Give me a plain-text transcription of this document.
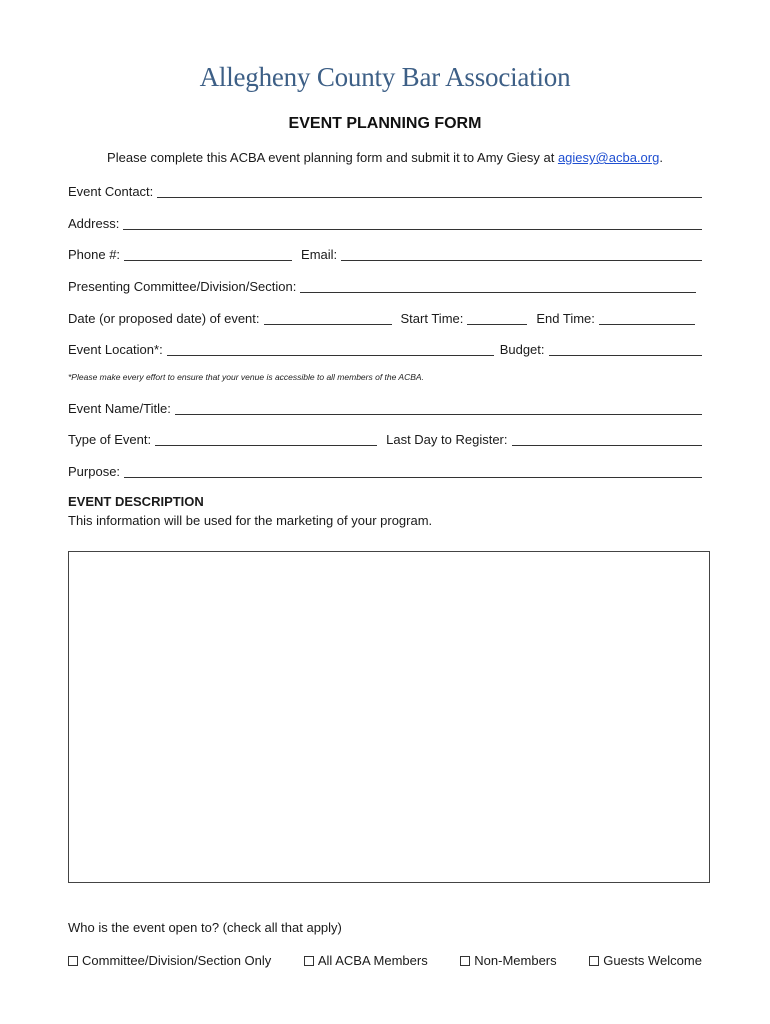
Allegheny County Bar Association
EVENT PLANNING FORM
Please complete this ACBA event planning form and submit it to Amy Giesy at agiesy@acba.org.
Event Contact:
Address:
Phone #:	Email:
Presenting Committee/Division/Section:
Date (or proposed date) of event:	Start Time:	End Time:
Event Location*:	Budget:
*Please make every effort to ensure that your venue is accessible to all members of the ACBA.
Event Name/Title:
Type of Event:	Last Day to Register:
Purpose:
EVENT DESCRIPTION
This information will be used for the marketing of your program.
Who is the event open to? (check all that apply)
Committee/Division/Section Only	All ACBA Members	Non-Members	Guests Welcome
